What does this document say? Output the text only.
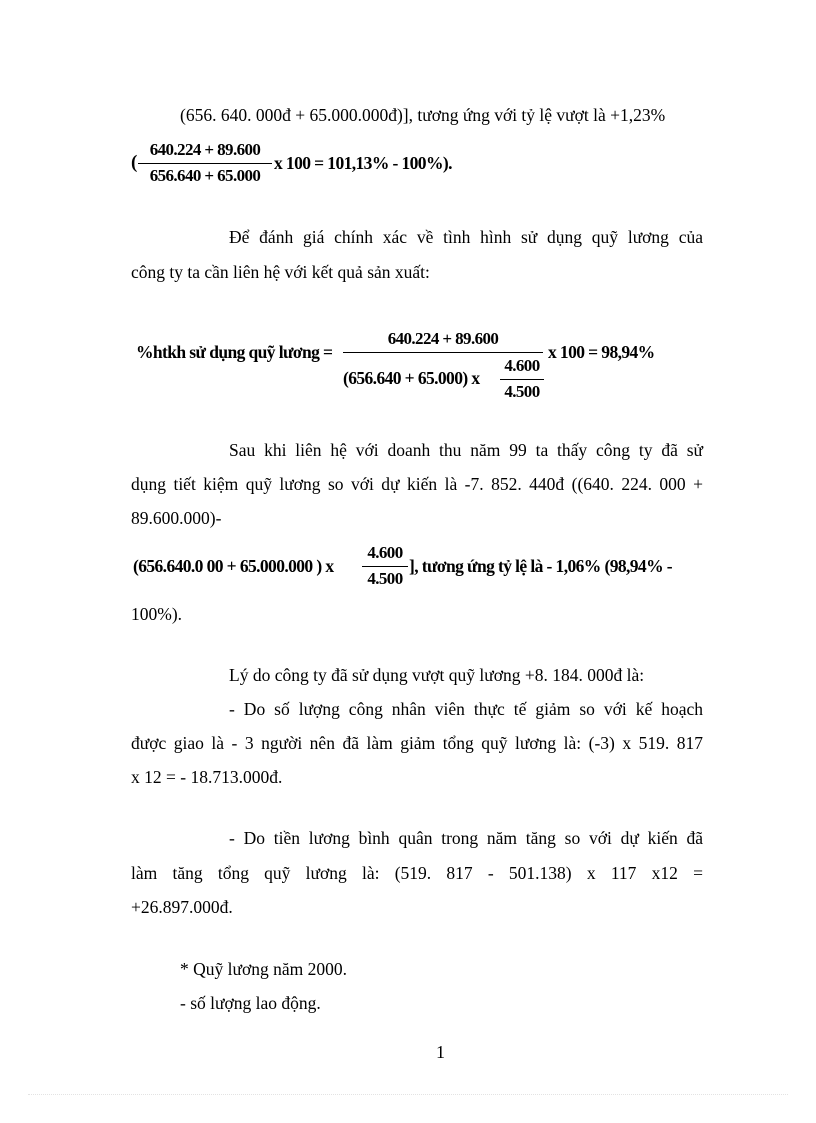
(656. 640. 000đ + 65.000.000đ)], tương ứng với tỷ lệ vượt là +1,23%
(
640.224 + 89.600
656.640 + 65.000
x 100 = 101,13% - 100%).
Để đánh giá chính xác về tình hình sử dụng quỹ lương của
công ty ta cần liên hệ với kết quả sản xuất:
%htkh sử dụng quỹ lương =
640.224 + 89.600
(656.640 + 65.000) x
4.600
4.500
x 100 = 98,94%
Sau khi liên hệ với doanh thu năm 99 ta thấy công ty đã sử
dụng tiết kiệm quỹ lương so với dự kiến là -7. 852. 440đ ((640. 224. 000 +
89.600.000)-
(656.640.0 00 + 65.000.000 ) x
4.600
4.500
], tương ứng tỷ lệ là - 1,06% (98,94% -
100%).
Lý do công ty đã sử dụng vượt quỹ lương +8. 184. 000đ là:
- Do số lượng công nhân viên thực tế giảm so với kế hoạch
được giao là - 3 người nên đã làm giảm tổng quỹ lương là: (-3) x 519. 817
x 12 = - 18.713.000đ.
- Do tiền lương bình quân trong năm tăng so với dự kiến đã
làm tăng tổng quỹ lương là: (519. 817 - 501.138) x 117 x12 =
+26.897.000đ.
* Quỹ lương năm 2000.
- số lượng lao động.
1
